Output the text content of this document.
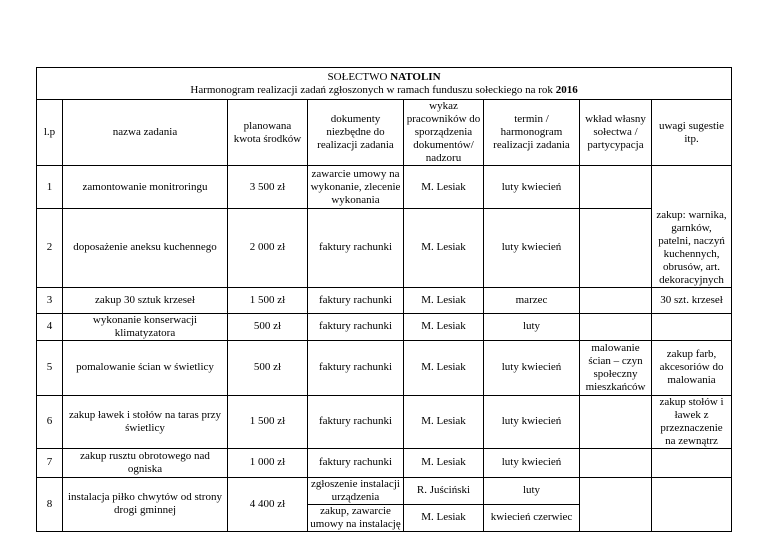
SOŁECTWO NATOLIN
Harmonogram realizacji zadań zgłoszonych w ramach funduszu sołeckiego na rok 2016							
l.p	nazwa zadania	planowana kwota środków	dokumenty niezbędne do realizacji zadania	wykaz pracowników do sporządzenia dokumentów/ nadzoru	termin / harmonogram realizacji zadania	wkład własny sołectwa / partycypacja	uwagi sugestie itp.
1	zamontowanie monitroringu	3 500 zł	zawarcie umowy na wykonanie, zlecenie wykonania	M. Lesiak	luty kwiecień		
2	doposażenie aneksu kuchennego	2 000 zł	faktury rachunki	M. Lesiak	luty kwiecień		zakup: warnika, garnków, patelni, naczyń kuchennych, obrusów, art. dekoracyjnych
3	zakup 30 sztuk krzeseł	1 500 zł	faktury rachunki	M. Lesiak	marzec		30 szt. krzeseł
4	wykonanie konserwacji klimatyzatora	500 zł	faktury rachunki	M. Lesiak	luty		
5	pomalowanie ścian w świetlicy	500 zł	faktury rachunki	M. Lesiak	luty kwiecień	malowanie ścian – czyn społeczny mieszkańców	zakup farb, akcesoriów do malowania
6	zakup ławek i stołów na taras przy świetlicy	1 500 zł	faktury rachunki	M. Lesiak	luty kwiecień		zakup stołów i ławek z przeznaczenie na zewnątrz
7	zakup rusztu obrotowego nad ogniska	1 000 zł	faktury rachunki	M. Lesiak	luty kwiecień		
8	instalacja piłko chwytów od strony drogi gminnej	4 400 zł	zgłoszenie instalacji urządzenia	R. Juściński	luty		
			zakup, zawarcie umowy na instalację	M. Lesiak	kwiecień czerwiec		
